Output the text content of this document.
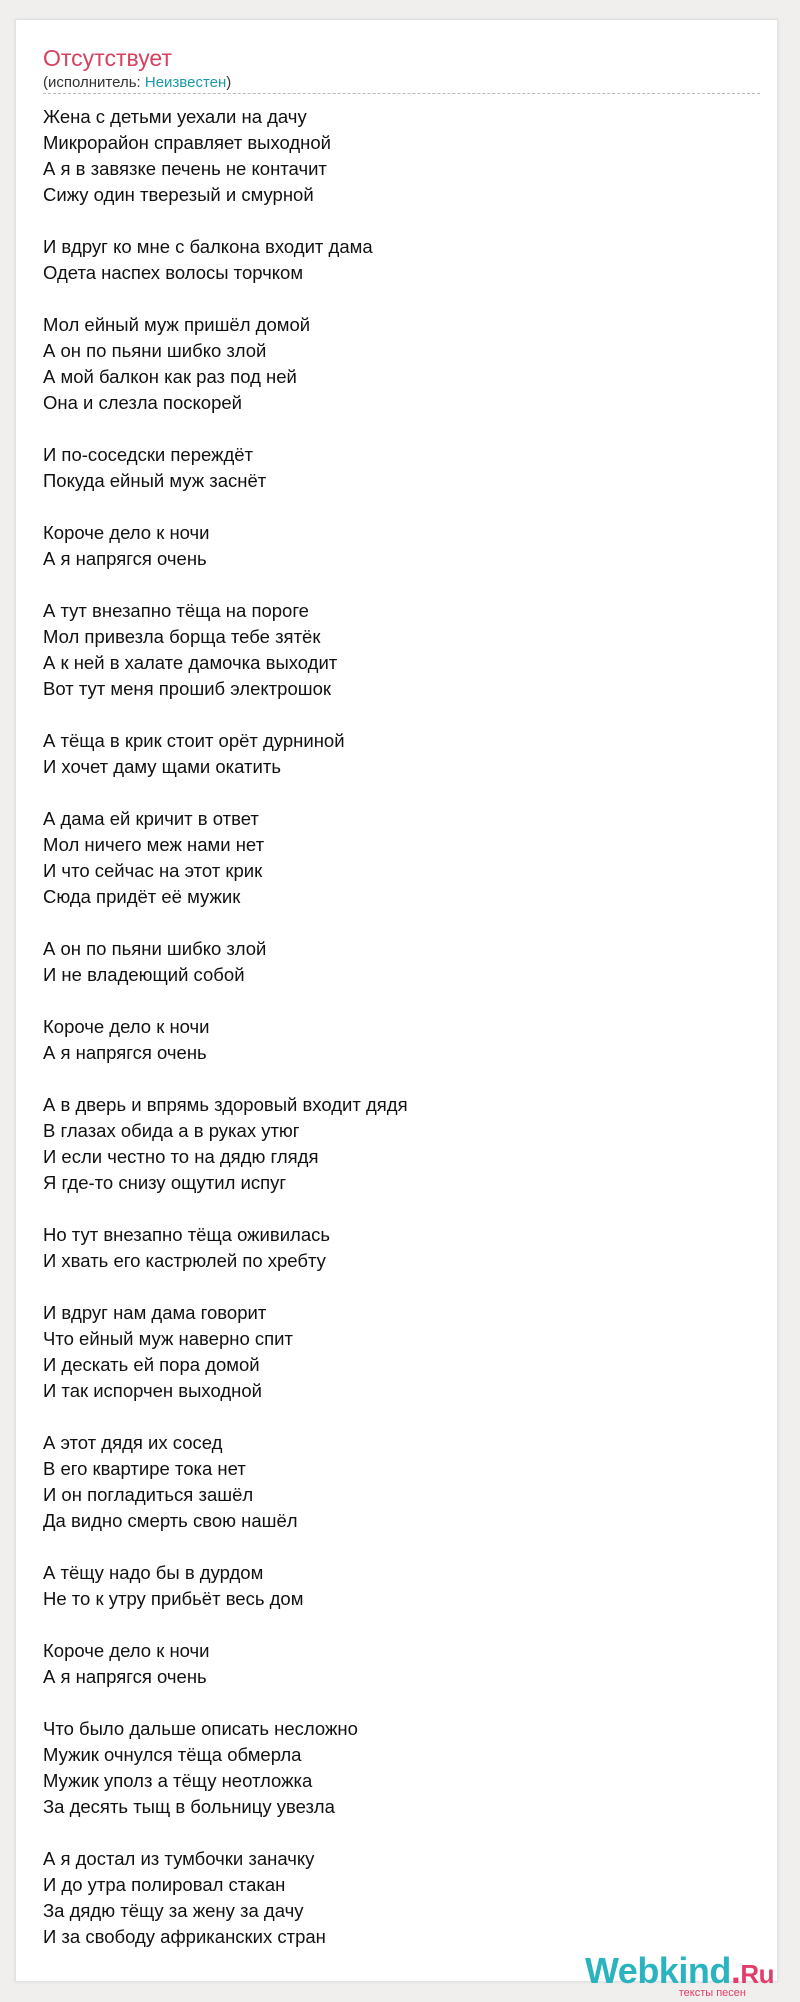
Отсутствует
(исполнитель: Неизвестен)
Жена с детьми уехали на дачу
Микрорайон справляет выходной
А я в завязке печень не контачит
Сижу один тверезый и смурной
И вдруг ко мне с балкона входит дама
Одета наспех волосы торчком
Мол ейный муж пришёл домой
А он по пьяни шибко злой
А мой балкон как раз под ней
Она и слезла поскорей
И по-соседски переждёт
Покуда ейный муж заснёт
Короче дело к ночи
А я напрягся очень
А тут внезапно тёща на пороге
Мол привезла борща тебе зятёк
А к ней в халате дамочка выходит
Вот тут меня прошиб электрошок
А тёща в крик стоит орёт дурниной
И хочет даму щами окатить
А дама ей кричит в ответ
Мол ничего меж нами нет
И что сейчас на этот крик
Сюда придёт её мужик
А он по пьяни шибко злой
И не владеющий собой
Короче дело к ночи
А я напрягся очень
А в дверь и впрямь здоровый входит дядя
В глазах обида а в руках утюг
И если честно то на дядю глядя
Я где-то снизу ощутил испуг
Но тут внезапно тёща оживилась
И хвать его кастрюлей по хребту
И вдруг нам дама говорит
Что ейный муж наверно спит
И дескать ей пора домой
И так испорчен выходной
А этот дядя их сосед
В его квартире тока нет
И он погладиться зашёл
Да видно смерть свою нашёл
А тёщу надо бы в дурдом
Не то к утру прибьёт весь дом
Короче дело к ночи
А я напрягся очень
Что было дальше описать несложно
Мужик очнулся тёща обмерла
Мужик уполз а тёщу неотложка
За десять тыщ в больницу увезла
А я достал из тумбочки заначку
И до утра полировал стакан
За дядю тёщу за жену за дачу
И за свободу африканских стран
Webkind.Ru
тексты песен
